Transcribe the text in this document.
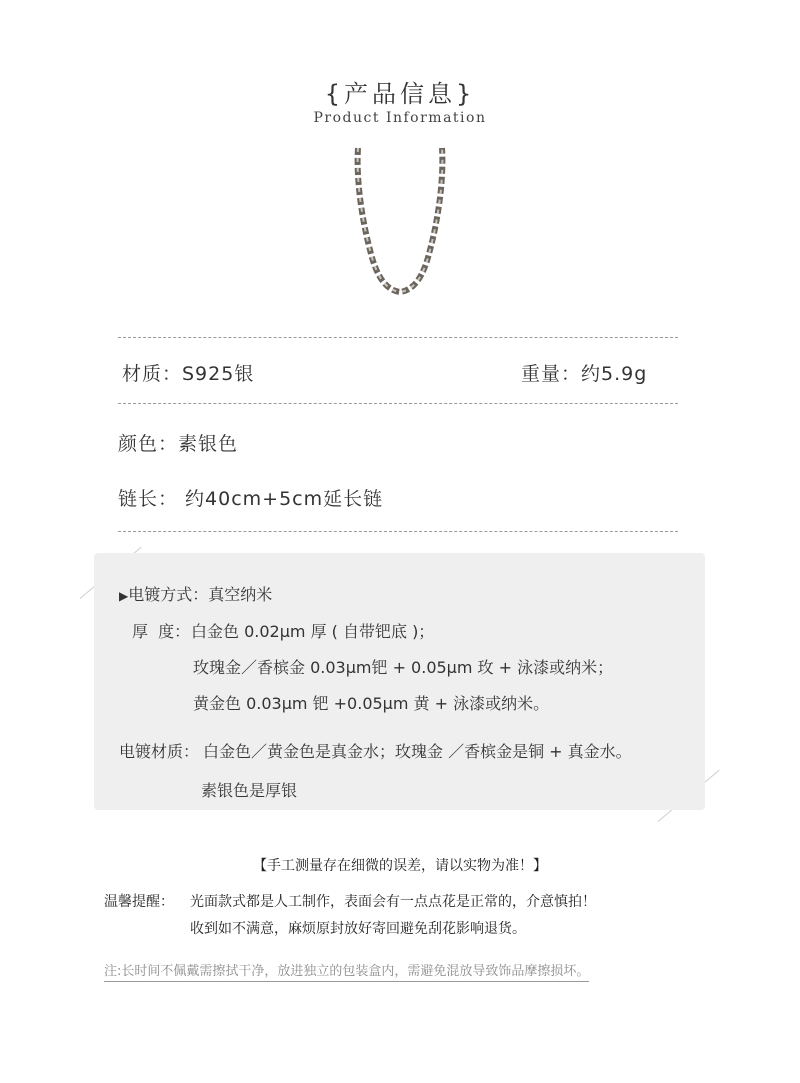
{产品信息}
Product Information
材质：S925银	重量：约5.9g
颜色：素银色
链长： 约40cm+5cm延长链
▶电镀方式：真空纳米
厚  度： 白金色 0.02μm 厚 ( 自带钯底 )；
玫瑰金／香槟金 0.03μm钯 + 0.05μm 玫 + 泳漆或纳米；
黄金色 0.03μm 钯 +0.05μm 黄 + 泳漆或纳米。
电镀材质： 白金色／黄金色是真金水；玫瑰金 ／香槟金是铜 + 真金水。
素银色是厚银
【手工测量存在细微的误差，请以实物为准！】
温馨提醒： 光面款式都是人工制作，表面会有一点点花是正常的，介意慎拍！
收到如不满意，麻烦原封放好寄回避免刮花影响退货。
注:长时间不佩戴需擦拭干净，放进独立的包装盒内，需避免混放导致饰品摩擦损坏。
